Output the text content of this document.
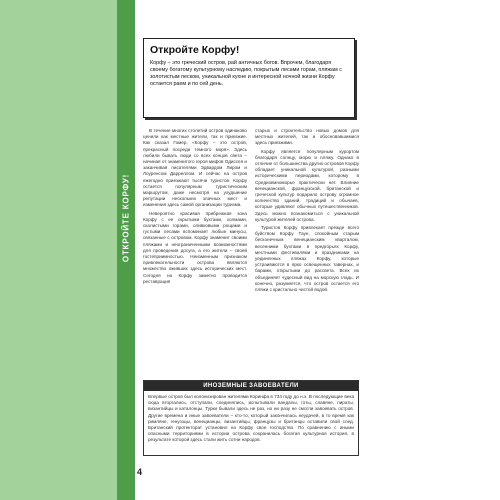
ОТКРОЙТЕ КОРФУ!
Откройте Корфу!

Корфу – это греческий остров, рай античных богов. Впрочем, благодаря своему богатому культурному наследию, покрытым лесами горам, пляжам с золотистым песком, уникальной кухне и интересной ночной жизни Корфу остается раем и по сей день.

В течение многих столетий остров одинаково ценили как местные жители, так и приезжие. Как сказал Гомер, «Корфу – это остров, прекрасный посреди темного моря». Здесь любили бывать люди со всех концов света – начиная от знаменитого героя мифов Одиссея и заканчивая писателями Эдвардом Лиром и Лоуренсом Дарреллом. И сейчас на остров ежегодно приезжают тысячи туристов. Корфу остается популярным туристическим маршрутом, даже несмотря на ухудшение репутации нескольких злачных мест и изменения здесь самой организации туризма.

Невероятно красивая прибрежная зона Корфу с ее скрытыми бухтами, холмами, скалистыми горами, оливковыми рощами и густыми лесами вспоминает любые минусы, связанные с островом. Корфу знаменит своими пляжами и неограниченными возможностями для проведения досуга, а его жители – своей гостеприимностью. Неизменным признаком привлекательности острова являются множество оживших здесь исторических мест. Сегодня на Корфу заметно проводится реставрация

старых и строительство новых домов для местных жителей, так и обосновавшимися здесь приезжими.

Корфу является популярным курортом благодаря солнцу, морю и пляжу. Однако в отличие от большинства других островов Корфу обладает уникальной культурой, разными историческими периодами, которому в Средиземноморье практически нет. Влияние венецианской, французской, британской и греческой культур подарило острову огромное количество зданий, традиций и обычаев, которые удивляют обычных путешественников. Здесь можно познакомиться с уникальной культурой жителей острова.

Туристов Корфу привлекает прежде всего буйством Корфу Таун, спокойным старым бесконечным венецианским кварталом, весенними бухтами в предгорьях Корфу, местными фестивалями и праздниками на уединенных пляжах Корфу, которые устраиваются в ярко освещенных тавернах, и барами, открытыми до рассвета. Всех их объединяет чудесный вид на морскую гладь. И конечно, разумеется, что остров остается его пляжи с кристально чистой водой.

ИНОЗЕМНЫЕ ЗАВОЕВАТЕЛИ

Впервые остров был колонизирован жителями Коринфа в 734 году до н.э. В последующие века сюда вторгались, отступали, соединялись, испытывали вандалы, готы, славяне, пираты, византийцы и каталонцы. Турки бывали здесь не раз, но ни разу не смогли завоевать остров. Другие времена и иные завоеватели – кто-то, который закончилась неудачей, в то время как римляне, генуэзцы, венецианцы, византийцы, французы и британцы оставили свой след. Британский протекторат установил на Корфу свое господство. По сравнению с иными опасными территориями в истории острова сохранилась богатая культурная история, в результате которой здесь стали жить сотни народов.

4
